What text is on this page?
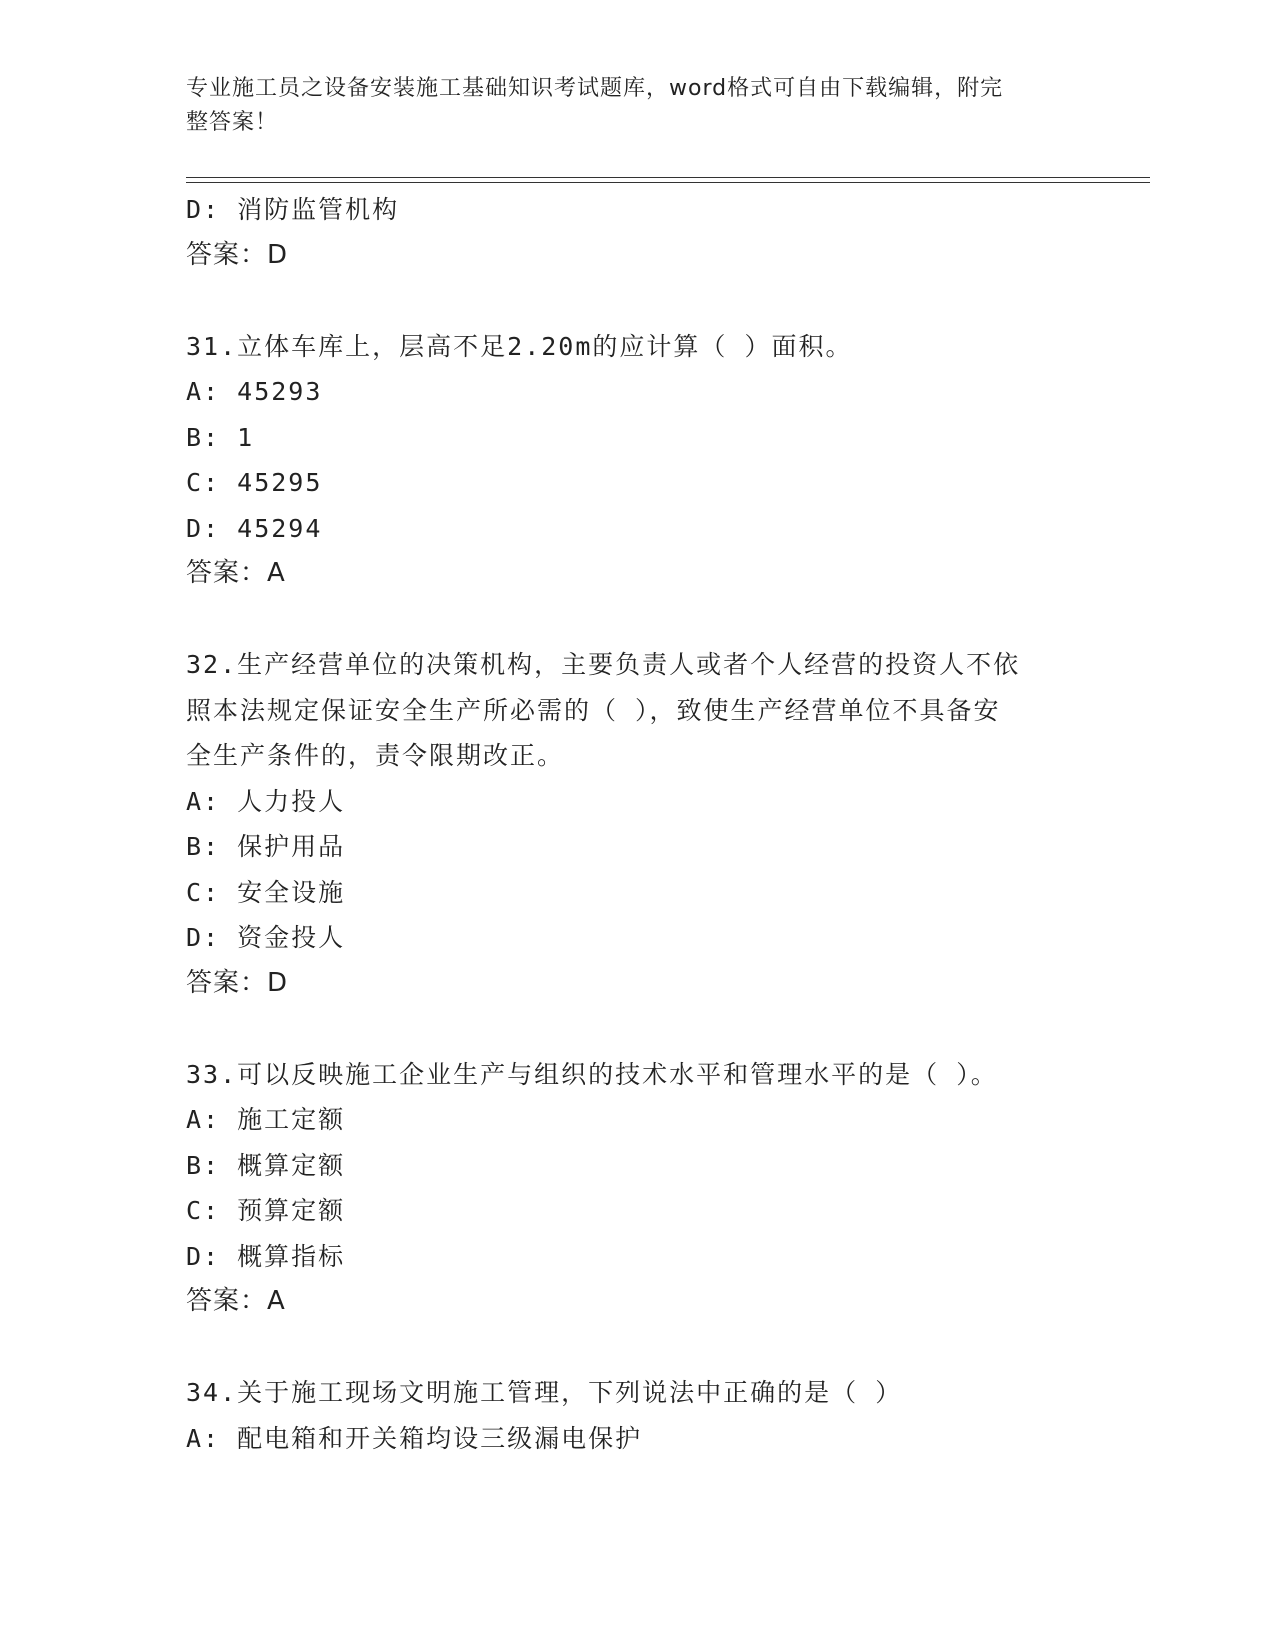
专业施工员之设备安装施工基础知识考试题库，word格式可自由下载编辑，附完
整答案！
D: 消防监管机构
答案：D
31.立体车库上，层高不足2.20m的应计算（ ）面积。
A: 45293
B: 1
C: 45295
D: 45294
答案：A
32.生产经营单位的决策机构，主要负责人或者个人经营的投资人不依
照本法规定保证安全生产所必需的（ ），致使生产经营单位不具备安
全生产条件的，责令限期改正。
A: 人力投人
B: 保护用品
C: 安全设施
D: 资金投人
答案：D
33.可以反映施工企业生产与组织的技术水平和管理水平的是（ ）。
A: 施工定额
B: 概算定额
C: 预算定额
D: 概算指标
答案：A
34.关于施工现场文明施工管理，下列说法中正确的是（ ）
A: 配电箱和开关箱均设三级漏电保护
